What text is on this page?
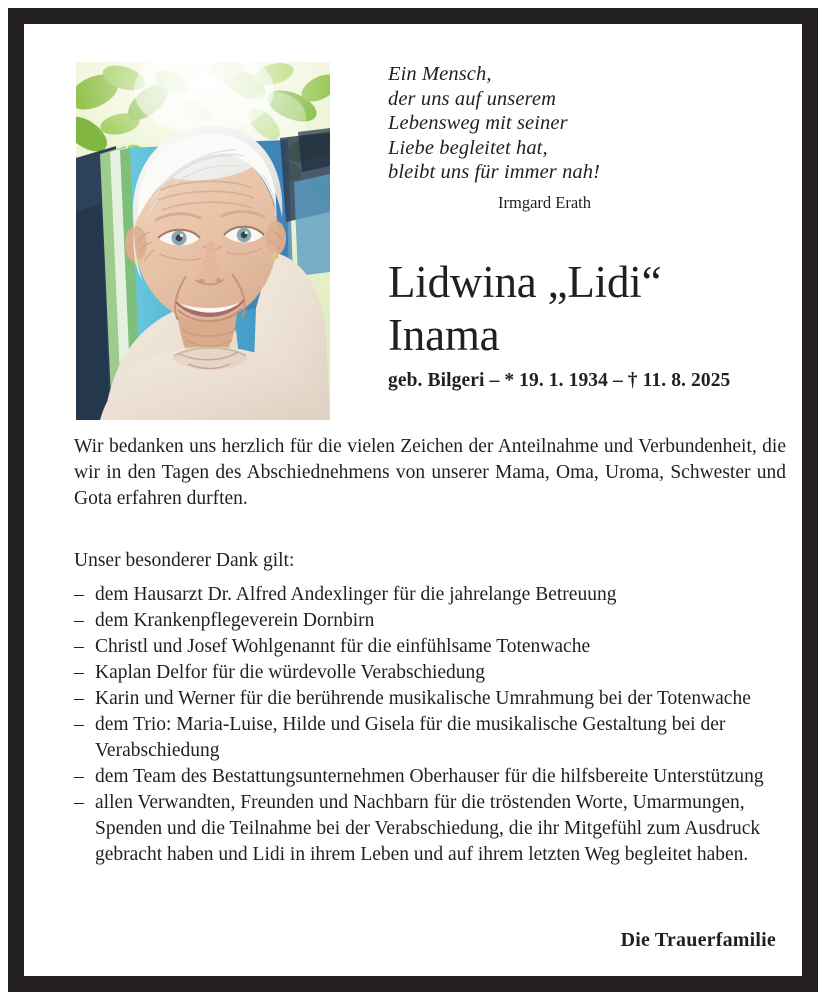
Ein Mensch,
der uns auf unserem
Lebensweg mit seiner
Liebe begleitet hat,
bleibt uns für immer nah!
Irmgard Erath
Lidwina „Lidi“
Inama
geb. Bilgeri – * 19. 1. 1934 – † 11. 8. 2025

Wir bedanken uns herzlich für die vielen Zeichen der Anteilnahme und Verbundenheit, die wir in den Tagen des Abschiednehmens von unserer Mama, Oma, Uroma, Schwester und Gota erfahren durften.

Unser besonderer Dank gilt:

– dem Hausarzt Dr. Alfred Andexlinger für die jahrelange Betreuung
– dem Krankenpflegeverein Dornbirn
– Christl und Josef Wohlgenannt für die einfühlsame Totenwache
– Kaplan Delfor für die würdevolle Verabschiedung
– Karin und Werner für die berührende musikalische Umrahmung bei der Totenwache
– dem Trio: Maria-Luise, Hilde und Gisela für die musikalische Gestaltung bei der Verabschiedung
– dem Team des Bestattungsunternehmen Oberhauser für die hilfsbereite Unterstützung
– allen Verwandten, Freunden und Nachbarn für die tröstenden Worte, Umarmungen, Spenden und die Teilnahme bei der Verabschiedung, die ihr Mitgefühl zum Ausdruck gebracht haben und Lidi in ihrem Leben und auf ihrem letzten Weg begleitet haben.
Die Trauerfamilie
